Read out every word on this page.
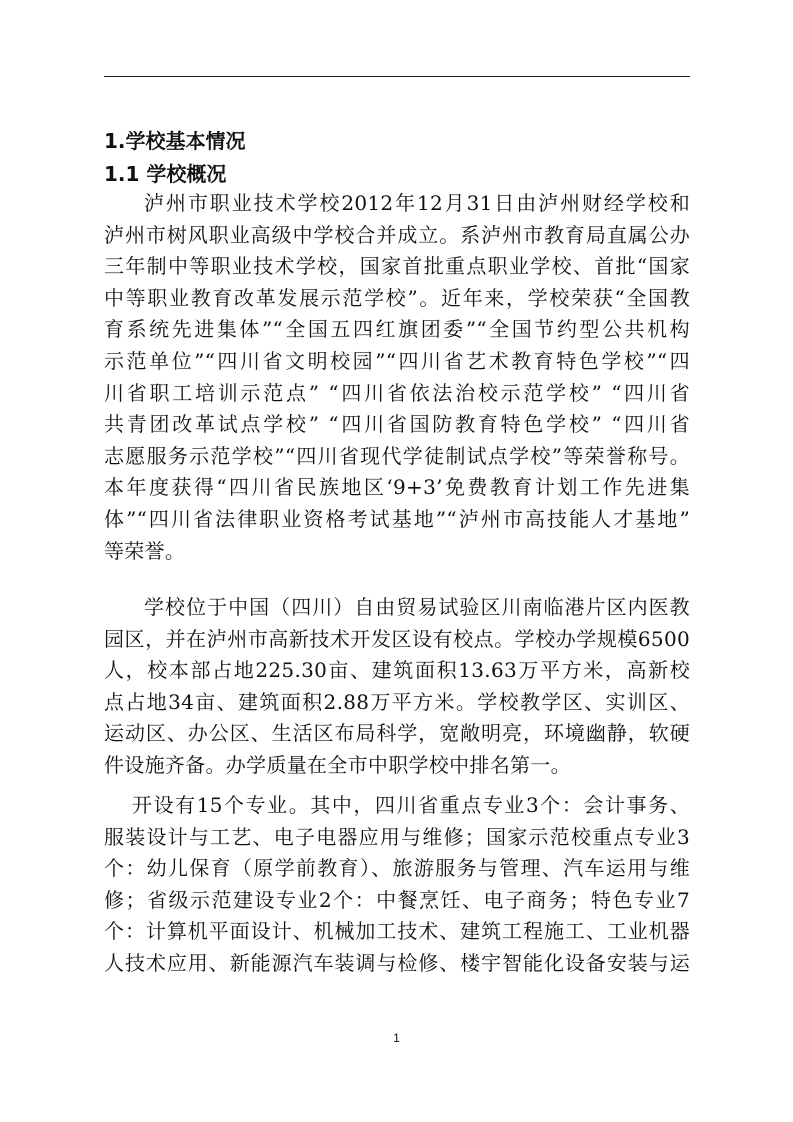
1.学校基本情况
1.1 学校概况
泸州市职业技术学校2012年12月31日由泸州财经学校和
泸州市树风职业高级中学校合并成立。系泸州市教育局直属公办
三年制中等职业技术学校，国家首批重点职业学校、首批“国家
中等职业教育改革发展示范学校”。近年来，学校荣获“全国教
育系统先进集体”“全国五四红旗团委”“全国节约型公共机构
示范单位”“四川省文明校园”“四川省艺术教育特色学校”“四
川省职工培训示范点” “四川省依法治校示范学校” “四川省
共青团改革试点学校” “四川省国防教育特色学校” “四川省
志愿服务示范学校”“四川省现代学徒制试点学校”等荣誉称号。
本年度获得“四川省民族地区‘9+3’免费教育计划工作先进集
体”“四川省法律职业资格考试基地”“泸州市高技能人才基地”
等荣誉。
学校位于中国（四川）自由贸易试验区川南临港片区内医教
园区，并在泸州市高新技术开发区设有校点。学校办学规模6500
人，校本部占地225.30亩、建筑面积13.63万平方米，高新校
点占地34亩、建筑面积2.88万平方米。学校教学区、实训区、
运动区、办公区、生活区布局科学，宽敞明亮，环境幽静，软硬
件设施齐备。办学质量在全市中职学校中排名第一。
开设有15个专业。其中，四川省重点专业3个：会计事务、
服装设计与工艺、电子电器应用与维修；国家示范校重点专业3
个：幼儿保育（原学前教育）、旅游服务与管理、汽车运用与维
修；省级示范建设专业2个：中餐烹饪、电子商务；特色专业7
个：计算机平面设计、机械加工技术、建筑工程施工、工业机器
人技术应用、新能源汽车装调与检修、楼宇智能化设备安装与运
1
